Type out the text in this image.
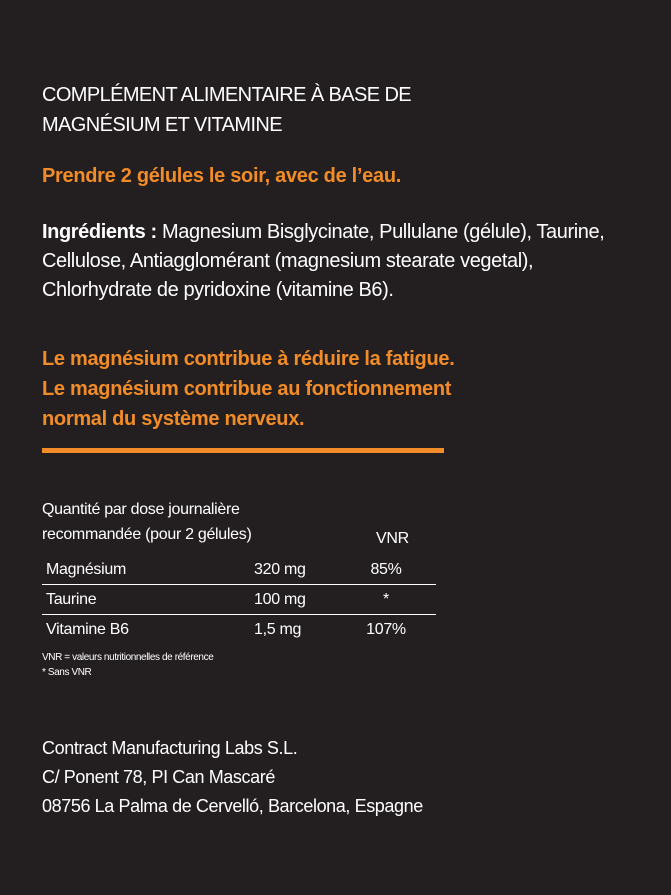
COMPLÉMENT ALIMENTAIRE À BASE DE
MAGNÉSIUM ET VITAMINE

Prendre 2 gélules le soir, avec de l’eau.

Ingrédients : Magnesium Bisglycinate, Pullulane (gélule), Taurine, Cellulose, Antiagglomérant (magnesium stearate vegetal), Chlorhydrate de pyridoxine (vitamine B6).

Le magnésium contribue à réduire la fatigue.
Le magnésium contribue au fonctionnement
normal du système nerveux.

Quantité par dose journalière
recommandée (pour 2 gélules)	VNR
Magnésium	320 mg	85%
Taurine	100 mg	*
Vitamine B6	1,5 mg	107%
VNR = valeurs nutritionnelles de référence
* Sans VNR
Contract Manufacturing Labs S.L.
C/ Ponent 78, PI Can Mascaré
08756 La Palma de Cervelló, Barcelona, Espagne
